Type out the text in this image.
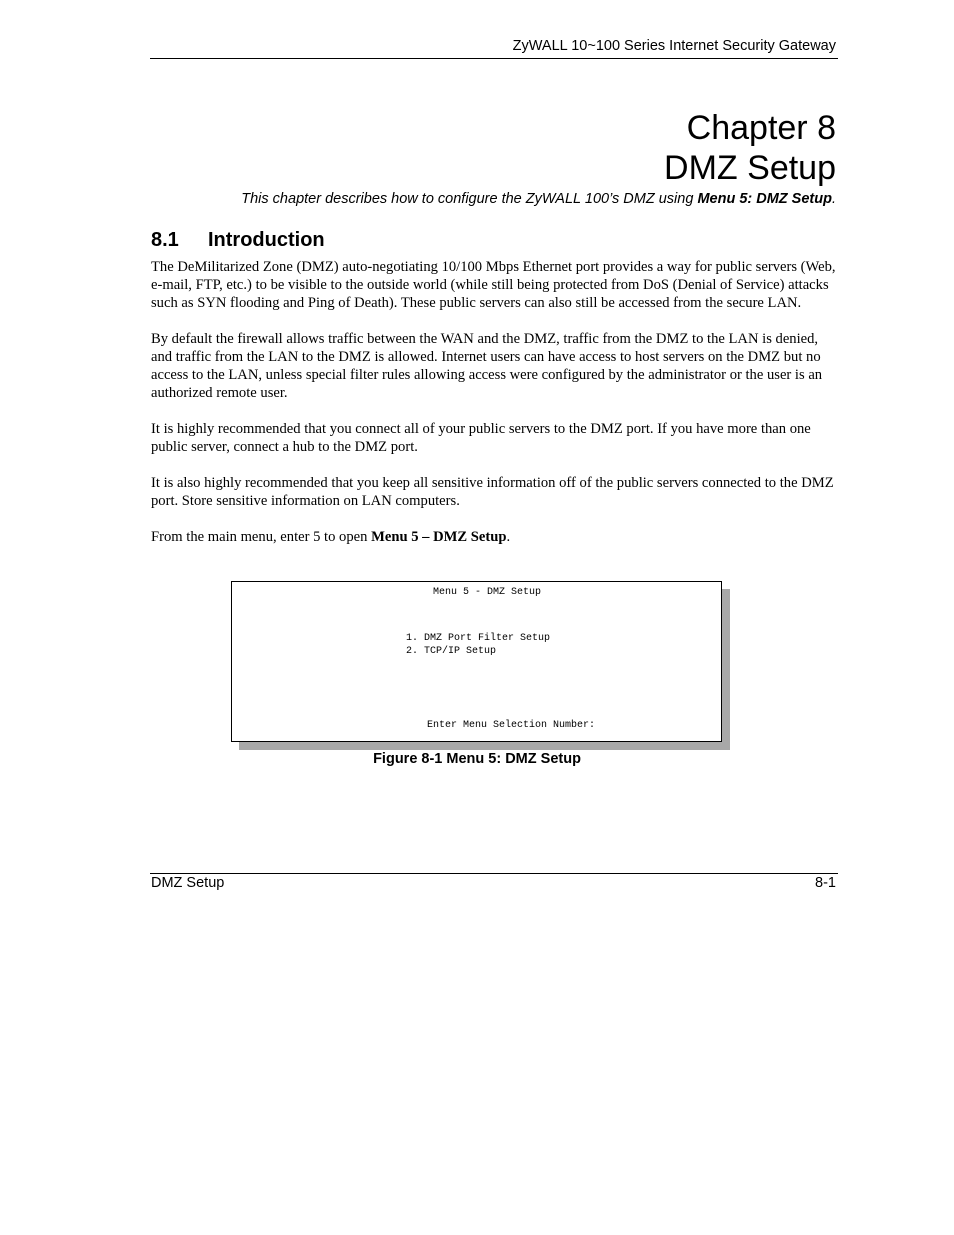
ZyWALL 10~100 Series Internet Security Gateway
Chapter 8
DMZ Setup
This chapter describes how to configure the ZyWALL 100’s DMZ using Menu 5: DMZ Setup.
8.1 Introduction

The DeMilitarized Zone (DMZ) auto-negotiating 10/100 Mbps Ethernet port provides a way for public servers (Web, e-mail, FTP, etc.) to be visible to the outside world (while still being protected from DoS (Denial of Service) attacks such as SYN flooding and Ping of Death). These public servers can also still be accessed from the secure LAN.

By default the firewall allows traffic between the WAN and the DMZ, traffic from the DMZ to the LAN is denied, and traffic from the LAN to the DMZ is allowed. Internet users can have access to host servers on the DMZ but no access to the LAN, unless special filter rules allowing access were configured by the administrator or the user is an authorized remote user.

It is highly recommended that you connect all of your public servers to the DMZ port. If you have more than one public server, connect a hub to the DMZ port.

It is also highly recommended that you keep all sensitive information off of the public servers connected to the DMZ port. Store sensitive information on LAN computers.

From the main menu, enter 5 to open Menu 5 – DMZ Setup.

Menu 5 - DMZ Setup
1. DMZ Port Filter Setup
2. TCP/IP Setup
Enter Menu Selection Number:
Figure 8-1 Menu 5: DMZ Setup
DMZ Setup	8-1
